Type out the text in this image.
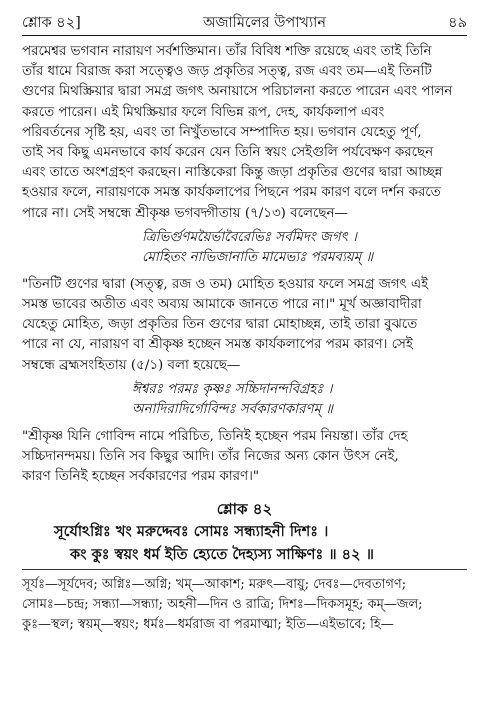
শ্লোক ৪২]	অজামিলের উপাখ্যান	৪৯

পরমেশ্বর ভগবান নারায়ণ সর্বশক্তিমান। তাঁর বিবিধ শক্তি রয়েছে এবং তাই তিনি
তাঁর ধামে বিরাজ করা সত্ত্বেও জড় প্রকৃতির সত্ত্ব, রজ এবং তম—এই তিনটি
গুণের মিথস্ক্রিয়ার দ্বারা সমগ্র জগৎ অনায়াসে পরিচালনা করতে পারেন এবং পালন
করতে পারেন। এই মিথস্ক্রিয়ার ফলে বিভিন্ন রূপ, দেহ, কার্যকলাপ এবং
পরিবর্তনের সৃষ্টি হয়, এবং তা নিখুঁতভাবে সম্পাদিত হয়। ভগবান যেহেতু পূর্ণ,
তাই সব কিছু এমনভাবে কার্য করেন যেন তিনি স্বয়ং সেইগুলি পর্যবেক্ষণ করছেন
এবং তাতে অংশগ্রহণ করছেন। নাস্তিকেরা কিন্তু জড়া প্রকৃতির গুণের দ্বারা আচ্ছন্ন
হওয়ার ফলে, নারায়ণকে সমস্ত কার্যকলাপের পিছনে পরম কারণ বলে দর্শন করতে
পারে না। সেই সম্বন্ধে শ্রীকৃষ্ণ ভগবদ্গীতায় (৭/১৩) বলেছেন—

ত্রিভির্গুণময়ৈর্ভাবৈরেভিঃ সর্বমিদং জগৎ ।
মোহিতং নাভিজানাতি মামেভ্যঃ পরমব্যয়ম্ ॥

"তিনটি গুণের দ্বারা (সত্ত্ব, রজ ও তম) মোহিত হওয়ার ফলে সমগ্র জগৎ এই
সমস্ত ভাবের অতীত এবং অব্যয় আমাকে জানতে পারে না।" মূর্খ অজ্ঞাবাদীরা
যেহেতু মোহিত, জড়া প্রকৃতির তিন গুণের দ্বারা মোহাচ্ছন্ন, তাই তারা বুঝতে
পারে না যে, নারায়ণ বা শ্রীকৃষ্ণ হচ্ছেন সমস্ত কার্যকলাপের পরম কারণ। সেই
সম্বন্ধে ব্রহ্মসংহিতায় (৫/১) বলা হয়েছে—

ঈশ্বরঃ পরমঃ কৃষ্ণঃ সচ্চিদানন্দবিগ্রহঃ ।
অনাদিরাদির্গোবিন্দঃ সর্বকারণকারণম্ ॥

"শ্রীকৃষ্ণ যিনি গোবিন্দ নামে পরিচিত, তিনিই হচ্ছেন পরম নিয়ন্তা। তাঁর দেহ
সচ্চিদানন্দময়। তিনি সব কিছুর আদি। তাঁর নিজের অন্য কোন উৎস নেই,
কারণ তিনিই হচ্ছেন সর্বকারণের পরম কারণ।"

শ্লোক ৪২
সূর্যোঽগ্নিঃ খং মরুদ্দেবঃ সোমঃ সন্ধ্যাহনী দিশঃ ।
কং কুঃ স্বয়ং ধর্ম ইতি হ্যেতে দৈহ্যস্য সাক্ষিণঃ ॥ ৪২ ॥
সূর্যঃ—সূর্যদেব; অগ্নিঃ—অগ্নি; খম্—আকাশ; মরুৎ—বায়ু; দেবঃ—দেবতাগণ;
সোমঃ—চন্দ্র; সন্ধ্যা—সন্ধ্যা; অহনী—দিন ও রাত্রি; দিশঃ—দিকসমূহ; কম্—জল;
কুঃ—স্থল; স্বয়ম্—স্বয়ং; ধর্মঃ—ধর্মরাজ বা পরমাত্মা; ইতি—এইভাবে; হি—
